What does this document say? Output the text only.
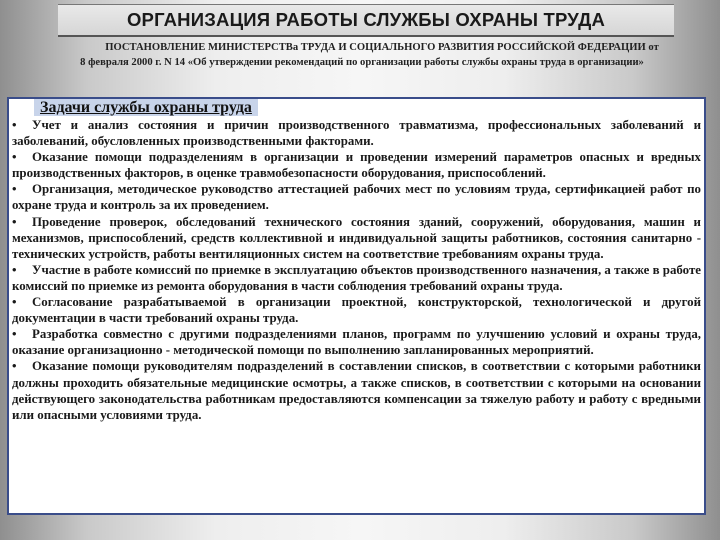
ОРГАНИЗАЦИЯ РАБОТЫ СЛУЖБЫ ОХРАНЫ ТРУДА
ПОСТАНОВЛЕНИЕ МИНИСТЕРСТВа ТРУДА И СОЦИАЛЬНОГО РАЗВИТИЯ РОССИЙСКОЙ ФЕДЕРАЦИИ от
8 февраля 2000 г. N 14 «Об утверждении рекомендаций по организации работы службы охраны труда в организации»
Задачи службы охраны труда
• Учет и анализ состояния и причин производственного травматизма, профессиональных заболеваний и заболеваний, обусловленных производственными факторами.
• Оказание помощи подразделениям в организации и проведении измерений параметров опасных и вредных производственных факторов, в оценке травмобезопасности оборудования, приспособлений.
• Организация, методическое руководство аттестацией рабочих мест по условиям труда, сертификацией работ по охране труда и контроль за их проведением.
• Проведение проверок, обследований технического состояния зданий, сооружений, оборудования, машин и механизмов, приспособлений, средств коллективной и индивидуальной защиты работников, состояния санитарно - технических устройств, работы вентиляционных систем на соответствие требованиям охраны труда.
• Участие в работе комиссий по приемке в эксплуатацию объектов производственного назначения, а также в работе комиссий по приемке из ремонта оборудования в части соблюдения требований охраны труда.
• Согласование разрабатываемой в организации проектной, конструкторской, технологической и другой документации в части требований охраны труда.
• Разработка совместно с другими подразделениями планов, программ по улучшению условий и охраны труда, оказание организационно - методической помощи по выполнению запланированных мероприятий.
• Оказание помощи руководителям подразделений в составлении списков, в соответствии с которыми работники должны проходить обязательные медицинские осмотры, а также списков, в соответствии с которыми на основании действующего законодательства работникам предоставляются компенсации за тяжелую работу и работу с вредными или опасными условиями труда.
